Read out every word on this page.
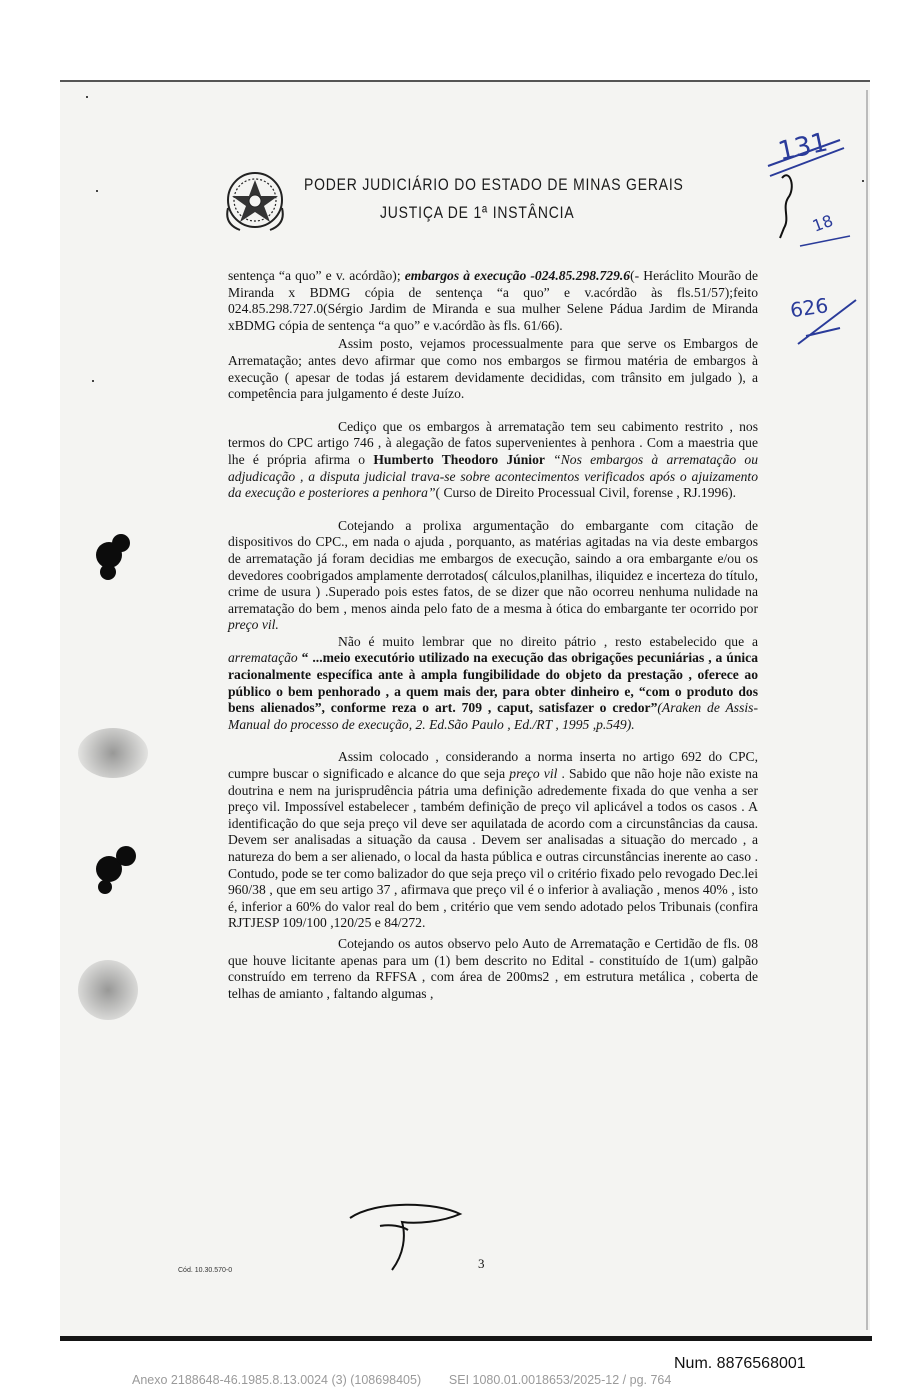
PODER JUDICIÁRIO DO ESTADO DE MINAS GERAIS
JUSTIÇA DE 1ª INSTÂNCIA

sentença “a quo” e v. acórdão); embargos à execução -024.85.298.729.6(- Heráclito Mourão de Miranda x BDMG cópia de sentença “a quo” e v.acórdão às fls.51/57);feito 024.85.298.727.0(Sérgio Jardim de Miranda e sua mulher Selene Pádua Jardim de Miranda xBDMG cópia de sentença “a quo” e v.acórdão às fls. 61/66).

Assim posto, vejamos processualmente para que serve os Embargos de Arrematação; antes devo afirmar que como nos embargos se firmou matéria de embargos à execução ( apesar de todas já estarem devidamente decididas, com trânsito em julgado ), a competência para julgamento é deste Juízo.

Cediço que os embargos à arrematação tem seu cabimento restrito , nos termos do CPC artigo 746 , à alegação de fatos supervenientes à penhora . Com a maestria que lhe é própria afirma o Humberto Theodoro Júnior “Nos embargos à arrematação ou adjudicação , a disputa judicial trava-se sobre acontecimentos verificados após o ajuizamento da execução e posteriores a penhora”( Curso de Direito Processual Civil, forense , RJ.1996).

Cotejando a prolixa argumentação do embargante com citação de dispositivos do CPC., em nada o ajuda , porquanto, as matérias agitadas na via deste embargos de arrematação já foram decidias me embargos de execução, saindo a ora embargante e/ou os devedores coobrigados amplamente derrotados( cálculos,planilhas, iliquidez e incerteza do título, crime de usura ) .Superado pois estes fatos, de se dizer que não ocorreu nenhuma nulidade na arrematação do bem , menos ainda pelo fato de a mesma à ótica do embargante ter ocorrido por preço vil.

Não é muito lembrar que no direito pátrio , resto estabelecido que a arrematação “ ...meio executório utilizado na execução das obrigações pecuniárias , a única racionalmente específica ante à ampla fungibilidade do objeto da prestação , oferece ao público o bem penhorado , a quem mais der, para obter dinheiro e, “com o produto dos bens alienados”, conforme reza o art. 709 , caput, satisfazer o credor”(Araken de Assis- Manual do processo de execução, 2. Ed.São Paulo , Ed./RT , 1995 ,p.549).

Assim colocado , considerando a norma inserta no artigo 692 do CPC, cumpre buscar o significado e alcance do que seja preço vil . Sabido que não hoje não existe na doutrina e nem na jurisprudência pátria uma definição adredemente fixada do que venha a ser preço vil. Impossível estabelecer , também definição de preço vil aplicável a todos os casos . A identificação do que seja preço vil deve ser aquilatada de acordo com a circunstâncias da causa. Devem ser analisadas a situação da causa . Devem ser analisadas a situação do mercado , a natureza do bem a ser alienado, o local da hasta pública e outras circunstâncias inerente ao caso . Contudo, pode se ter como balizador do que seja preço vil o critério fixado pelo revogado Dec.lei 960/38 , que em seu artigo 37 , afirmava que preço vil é o inferior à avaliação , menos 40% , isto é, inferior a 60% do valor real do bem , critério que vem sendo adotado pelos Tribunais (confira RJTJESP 109/100 ,120/25 e 84/272.

Cotejando os autos observo pelo Auto de Arrematação e Certidão de fls. 08 que houve licitante apenas para um (1) bem descrito no Edital - constituído de 1(um) galpão construído em terreno da RFFSA , com área de 200ms2 , em estrutura metálica , coberta de telhas de amianto , faltando algumas ,

131
18
626
3
Cód. 10.30.570-0
Num. 8876568001
Anexo 2188648-46.1985.8.13.0024 (3) (108698405)        SEI 1080.01.0018653/2025-12 / pg. 764
